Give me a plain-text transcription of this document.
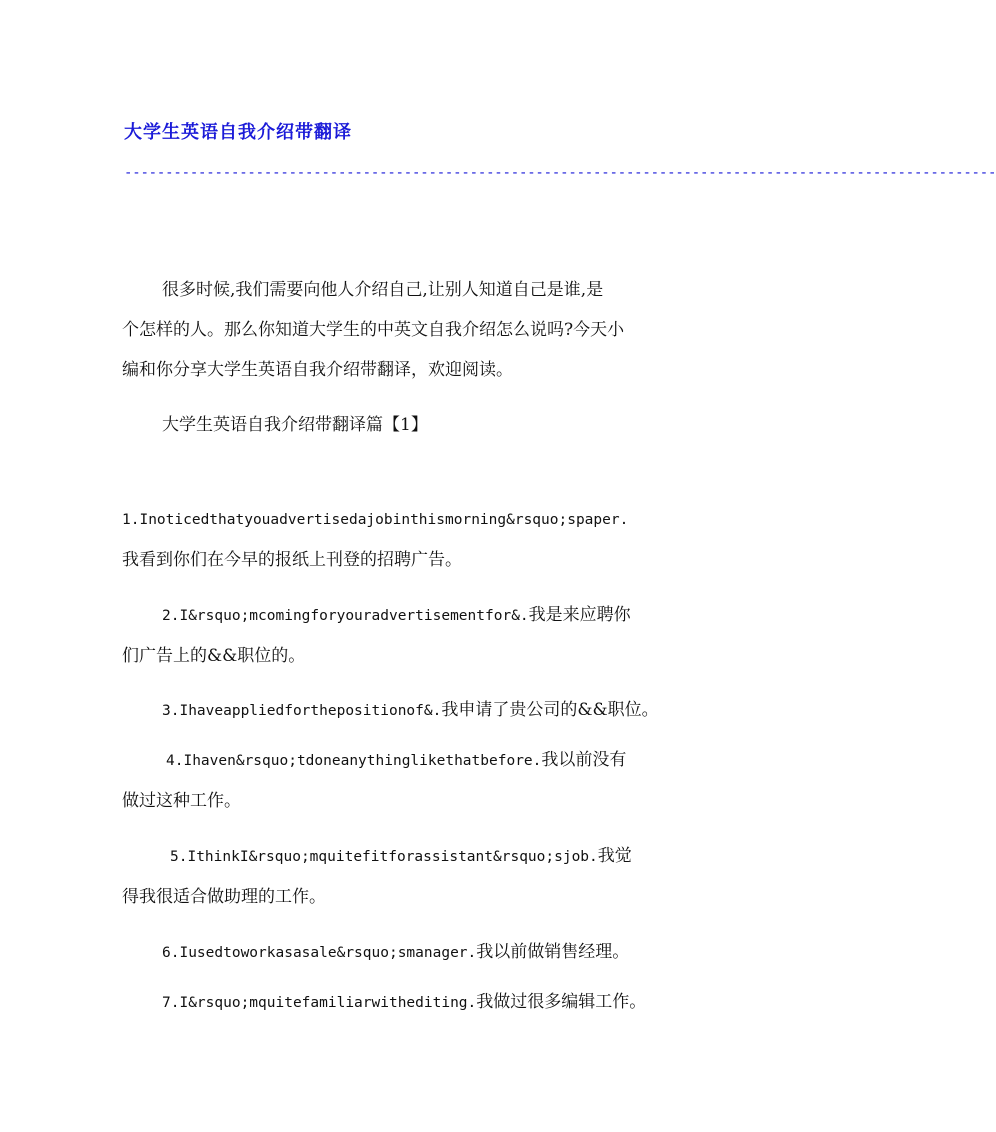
大学生英语自我介绍带翻译
----------------------------------------------------------------------------------------------------------
很多时候,我们需要向他人介绍自己,让别人知道自己是谁,是
个怎样的人。那么你知道大学生的中英文自我介绍怎么说吗?今天小
编和你分享大学生英语自我介绍带翻译，欢迎阅读。
大学生英语自我介绍带翻译篇【1】
1.Inoticedthatyouadvertisedajobinthismorning&rsquo;spaper.
我看到你们在今早的报纸上刊登的招聘广告。
2.I&rsquo;mcomingforyouradvertisementfor&.我是来应聘你
们广告上的&&职位的。
3.Ihaveappliedforthepositionof&.我申请了贵公司的&&职位。
4.Ihaven&rsquo;tdoneanythinglikethatbefore.我以前没有
做过这种工作。
5.IthinkI&rsquo;mquitefitforassistant&rsquo;sjob.我觉
得我很适合做助理的工作。
6.Iusedtoworkasasale&rsquo;smanager.我以前做销售经理。
7.I&rsquo;mquitefamiliarwithediting.我做过很多编辑工作。
